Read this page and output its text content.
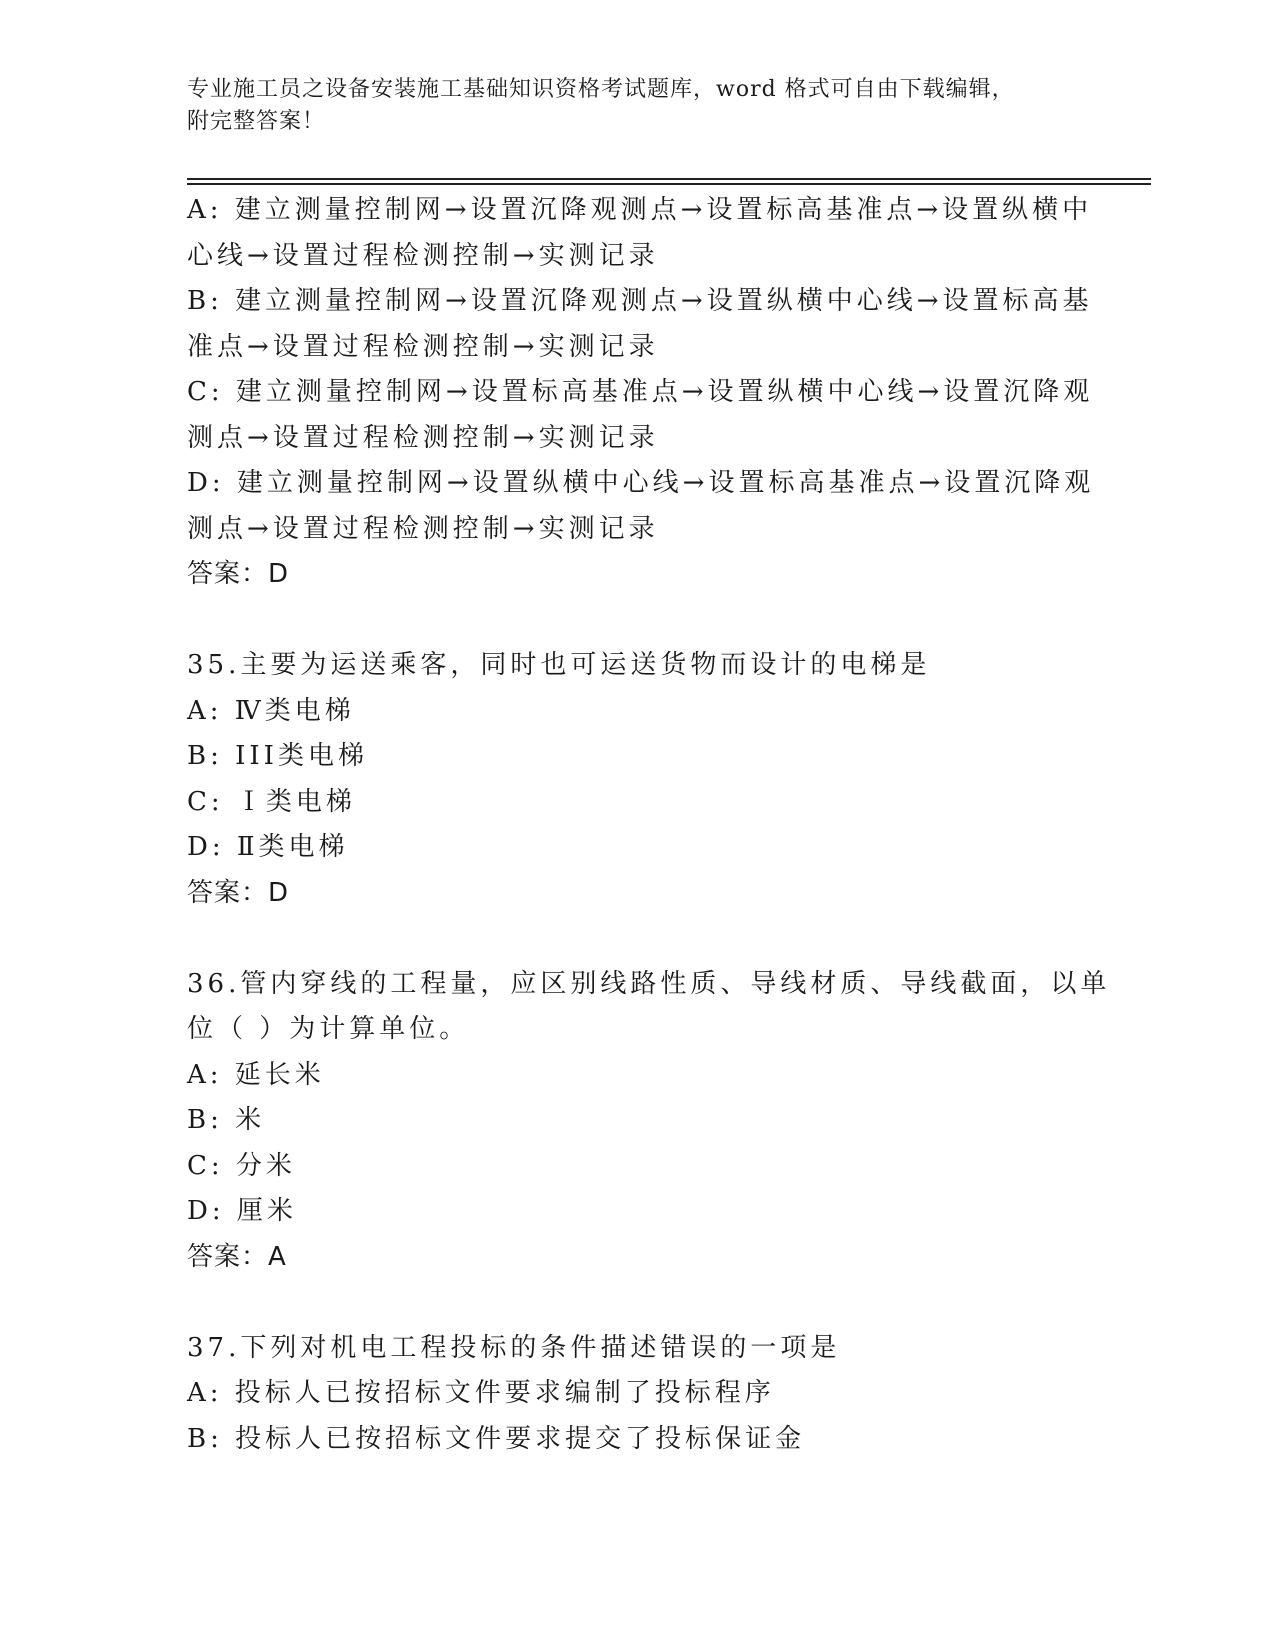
专业施工员之设备安装施工基础知识资格考试题库，word 格式可自由下载编辑，
附完整答案！
A: 建立测量控制网→设置沉降观测点→设置标高基准点→设置纵横中
心线→设置过程检测控制→实测记录
B: 建立测量控制网→设置沉降观测点→设置纵横中心线→设置标高基
准点→设置过程检测控制→实测记录
C: 建立测量控制网→设置标高基准点→设置纵横中心线→设置沉降观
测点→设置过程检测控制→实测记录
D: 建立测量控制网→设置纵横中心线→设置标高基准点→设置沉降观
测点→设置过程检测控制→实测记录
答案：D
35.主要为运送乘客，同时也可运送货物而设计的电梯是
A: Ⅳ类电梯
B: III类电梯
C: Ｉ类电梯
D: Ⅱ类电梯
答案：D
36.管内穿线的工程量，应区别线路性质、导线材质、导线截面，以单
位（ ）为计算单位。
A: 延长米
B: 米
C: 分米
D: 厘米
答案：A
37.下列对机电工程投标的条件描述错误的一项是
A: 投标人已按招标文件要求编制了投标程序
B: 投标人已按招标文件要求提交了投标保证金
